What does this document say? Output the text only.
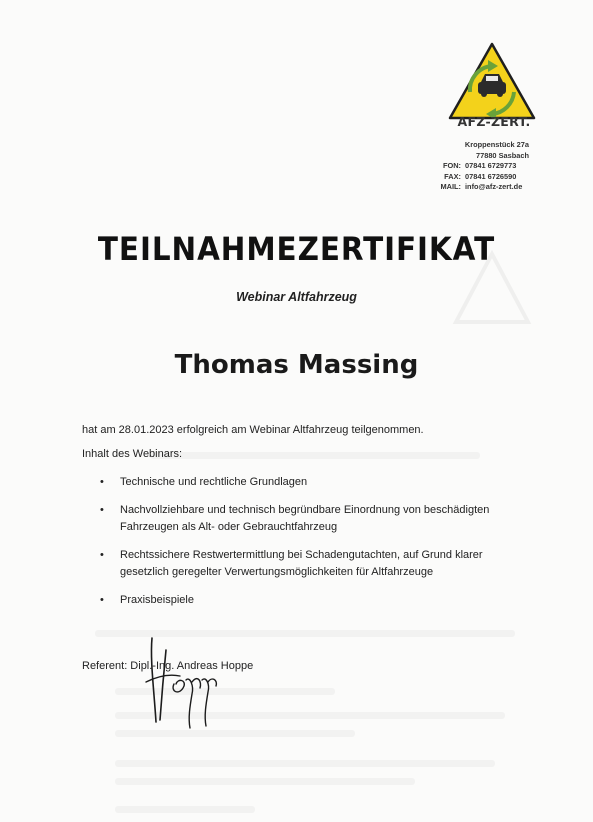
AFZ-ZERT.
Kroppenstück 27a
77880 Sasbach
FON: 07841 6729773
FAX: 07841 6726590
MAIL: info@afz-zert.de
TEILNAHMEZERTIFIKAT
Webinar Altfahrzeug
Thomas Massing
hat am 28.01.2023 erfolgreich am Webinar Altfahrzeug teilgenommen.
Inhalt des Webinars:
• Technische und rechtliche Grundlagen
• Nachvollziehbare und technisch begründbare Einordnung von beschädigten Fahrzeugen als Alt- oder Gebrauchtfahrzeug
• Rechtssichere Restwertermittlung bei Schadengutachten, auf Grund klarer gesetzlich geregelter Verwertungsmöglichkeiten für Altfahrzeuge
• Praxisbeispiele
Referent: Dipl.-Ing. Andreas Hoppe
